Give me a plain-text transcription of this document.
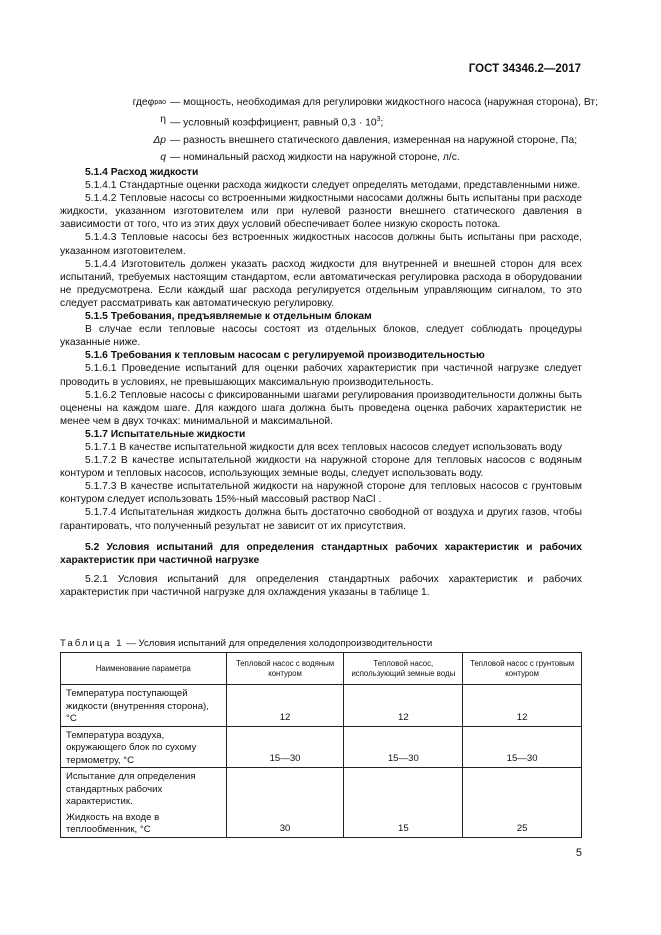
ГОСТ 34346.2—2017
где φ рао — мощность, необходимая для регулировки жидкостного насоса (наружная сторона), Вт;
η — условный коэффициент, равный $0,3 \cdot 10^3$;
Δp — разность внешнего статического давления, измеренная на наружной стороне, Па;
q — номинальный расход жидкости на наружной стороне, л/с.

5.1.4 Расход жидкости

5.1.4.1 Стандартные оценки расхода жидкости следует определять методами, представленными ниже.

5.1.4.2 Тепловые насосы со встроенными жидкостными насосами должны быть испытаны при расходе жидкости, указанном изготовителем или при нулевой разности внешнего статического давления в зависимости от того, что из этих двух условий обеспечивает более низкую скорость потока.

5.1.4.3 Тепловые насосы без встроенных жидкостных насосов должны быть испытаны при расходе, указанном изготовителем.

5.1.4.4 Изготовитель должен указать расход жидкости для внутренней и внешней сторон для всех испытаний, требуемых настоящим стандартом, если автоматическая регулировка расхода в оборудовании не предусмотрена. Если каждый шаг расхода регулируется отдельным управляющим сигналом, то это следует рассматривать как автоматическую регулировку.

5.1.5 Требования, предъявляемые к отдельным блокам

В случае если тепловые насосы состоят из отдельных блоков, следует соблюдать процедуры указанные ниже.

5.1.6 Требования к тепловым насосам с регулируемой производительностью

5.1.6.1 Проведение испытаний для оценки рабочих характеристик при частичной нагрузке следует проводить в условиях, не превышающих максимальную производительность.

5.1.6.2 Тепловые насосы с фиксированными шагами регулирования производительности должны быть оценены на каждом шаге. Для каждого шага должна быть проведена оценка рабочих характеристик не менее чем в двух точках: минимальной и максимальной.

5.1.7 Испытательные жидкости

5.1.7.1 В качестве испытательной жидкости для всех тепловых насосов следует использовать воду

5.1.7.2 В качестве испытательной жидкости на наружной стороне для тепловых насосов с водяным контуром и тепловых насосов, использующих земные воды, следует использовать воду.

5.1.7.3 В качестве испытательной жидкости на наружной стороне для тепловых насосов с грунтовым контуром следует использовать 15%-ный массовый раствор NaCl .

5.1.7.4 Испытательная жидкость должна быть достаточно свободной от воздуха и других газов, чтобы гарантировать, что полученный результат не зависит от их присутствия.

5.2 Условия испытаний для определения стандартных рабочих характеристик и рабочих характеристик при частичной нагрузке

5.2.1 Условия испытаний для определения стандартных рабочих характеристик и рабочих характеристик при частичной нагрузке для охлаждения указаны в таблице 1.

Таблица 1 — Условия испытаний для определения холодопроизводительности
Наименование параметра	Тепловой насос с водяным контуром	Тепловой насос, использующий земные воды	Тепловой насос с грунтовым контуром
Температура поступающей жидкости (внутренняя сторона), °С	12	12	12
Температура воздуха, окружающего блок по сухому термометру, °С	15—30	15—30	15—30

Испытание для определения стандартных рабочих характеристик.
Жидкость на входе в теплообменник, °С	30	15	25
5
